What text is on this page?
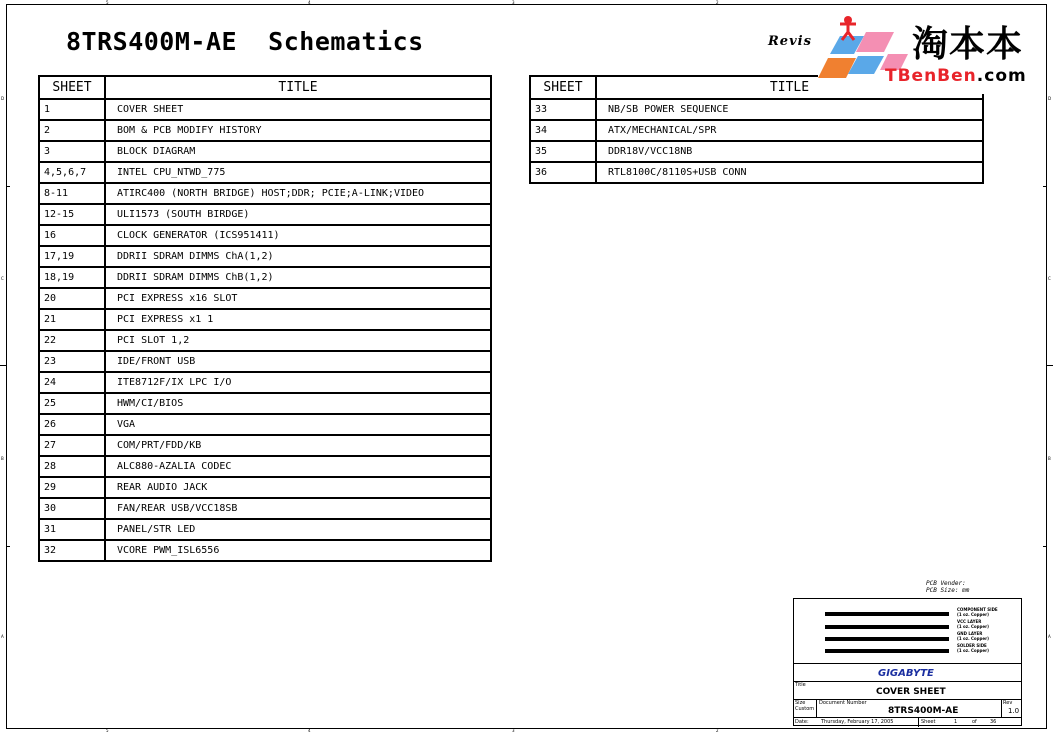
5	4	3	2
5	4	3	2
D
C
B
A
D
C
B
A
8TRS400M-AE  Schematics	Revis
SHEET	TITLE
1	COVER SHEET
2	BOM & PCB MODIFY HISTORY
3	BLOCK DIAGRAM
4,5,6,7	INTEL CPU_NTWD_775
8-11	ATIRC400 (NORTH BRIDGE) HOST;DDR; PCIE;A-LINK;VIDEO
12-15	ULI1573 (SOUTH BIRDGE)
16	CLOCK GENERATOR (ICS951411)
17,19	DDRII SDRAM DIMMS ChA(1,2)
18,19	DDRII SDRAM DIMMS ChB(1,2)
20	PCI EXPRESS x16 SLOT
21	PCI EXPRESS x1 1
22	PCI SLOT 1,2
23	IDE/FRONT USB
24	ITE8712F/IX LPC I/O
25	HWM/CI/BIOS
26	VGA
27	COM/PRT/FDD/KB
28	ALC880-AZALIA CODEC
29	REAR AUDIO JACK
30	FAN/REAR USB/VCC18SB
31	PANEL/STR LED
32	VCORE PWM_ISL6556
SHEET	TITLE
33	NB/SB POWER SEQUENCE
34	ATX/MECHANICAL/SPR
35	DDR18V/VCC18NB
36	RTL8100C/8110S+USB CONN
淘本本
TBenBen.com
PCB Vender:
PCB Size: mm
COMPONENT SIDE
(1 oz. Copper)
VCC LAYER
(1 oz. Copper)
GND LAYER
(1 oz. Copper)
SOLDER SIDE
(1 oz. Copper)
GIGABYTE
Title
COVER SHEET
Size
Custom
Document Number
8TRS400M-AE
Rev
1.0
Date: Thursday, February 17, 2005	Sheet	1	of	36
